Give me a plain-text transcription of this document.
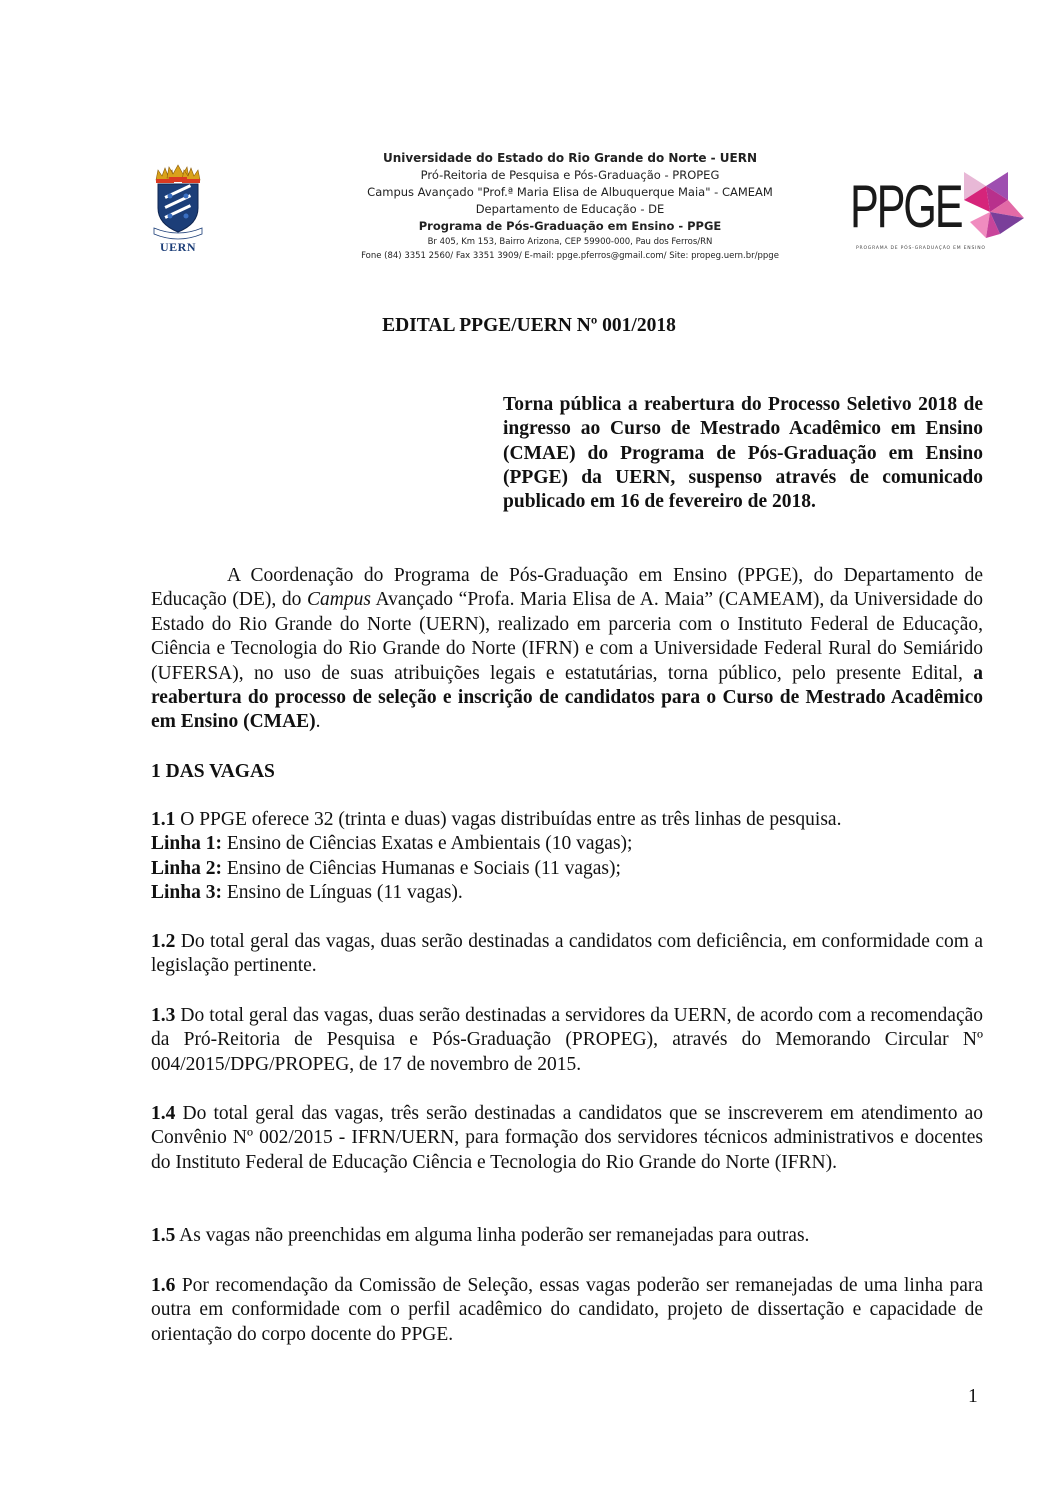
UERN
Universidade do Estado do Rio Grande do Norte - UERN
Pró-Reitoria de Pesquisa e Pós-Graduação - PROPEG
Campus Avançado "Prof.ª Maria Elisa de Albuquerque Maia" - CAMEAM
Departamento de Educação - DE
Programa de Pós-Graduação em Ensino - PPGE
Br 405, Km 153, Bairro Arizona, CEP 59900-000, Pau dos Ferros/RN
Fone (84) 3351 2560/ Fax 3351 3909/ E-mail: ppge.pferros@gmail.com/ Site: propeg.uern.br/ppge
PPGE
PROGRAMA DE PÓS-GRADUAÇÃO EM ENSINO
EDITAL PPGE/UERN Nº 001/2018
Torna pública a reabertura do Processo Seletivo 2018 de ingresso ao Curso de Mestrado Acadêmico em Ensino (CMAE) do Programa de Pós-Graduação em Ensino (PPGE) da UERN, suspenso através de comunicado publicado em 16 de fevereiro de 2018.
A Coordenação do Programa de Pós-Graduação em Ensino (PPGE), do Departamento de Educação (DE), do Campus Avançado “Profa. Maria Elisa de A. Maia” (CAMEAM), da Universidade do Estado do Rio Grande do Norte (UERN), realizado em parceria com o Instituto Federal de Educação, Ciência e Tecnologia do Rio Grande do Norte (IFRN) e com a Universidade Federal Rural do Semiárido (UFERSA), no uso de suas atribuições legais e estatutárias, torna público, pelo presente Edital, a reabertura do processo de seleção e inscrição de candidatos para o Curso de Mestrado Acadêmico em Ensino (CMAE).
1 DAS VAGAS
1.1 O PPGE oferece 32 (trinta e duas) vagas distribuídas entre as três linhas de pesquisa.
Linha 1: Ensino de Ciências Exatas e Ambientais (10 vagas);
Linha 2: Ensino de Ciências Humanas e Sociais (11 vagas);
Linha 3: Ensino de Línguas (11 vagas).
1.2 Do total geral das vagas, duas serão destinadas a candidatos com deficiência, em conformidade com a legislação pertinente.
1.3 Do total geral das vagas, duas serão destinadas a servidores da UERN, de acordo com a recomendação da Pró-Reitoria de Pesquisa e Pós-Graduação (PROPEG), através do Memorando Circular Nº 004/2015/DPG/PROPEG, de 17 de novembro de 2015.
1.4 Do total geral das vagas, três serão destinadas a candidatos que se inscreverem em atendimento ao Convênio Nº 002/2015 - IFRN/UERN, para formação dos servidores técnicos administrativos e docentes do Instituto Federal de Educação Ciência e Tecnologia do Rio Grande do Norte (IFRN).
1.5 As vagas não preenchidas em alguma linha poderão ser remanejadas para outras.
1.6 Por recomendação da Comissão de Seleção, essas vagas poderão ser remanejadas de uma linha para outra em conformidade com o perfil acadêmico do candidato, projeto de dissertação e capacidade de orientação do corpo docente do PPGE.
1
